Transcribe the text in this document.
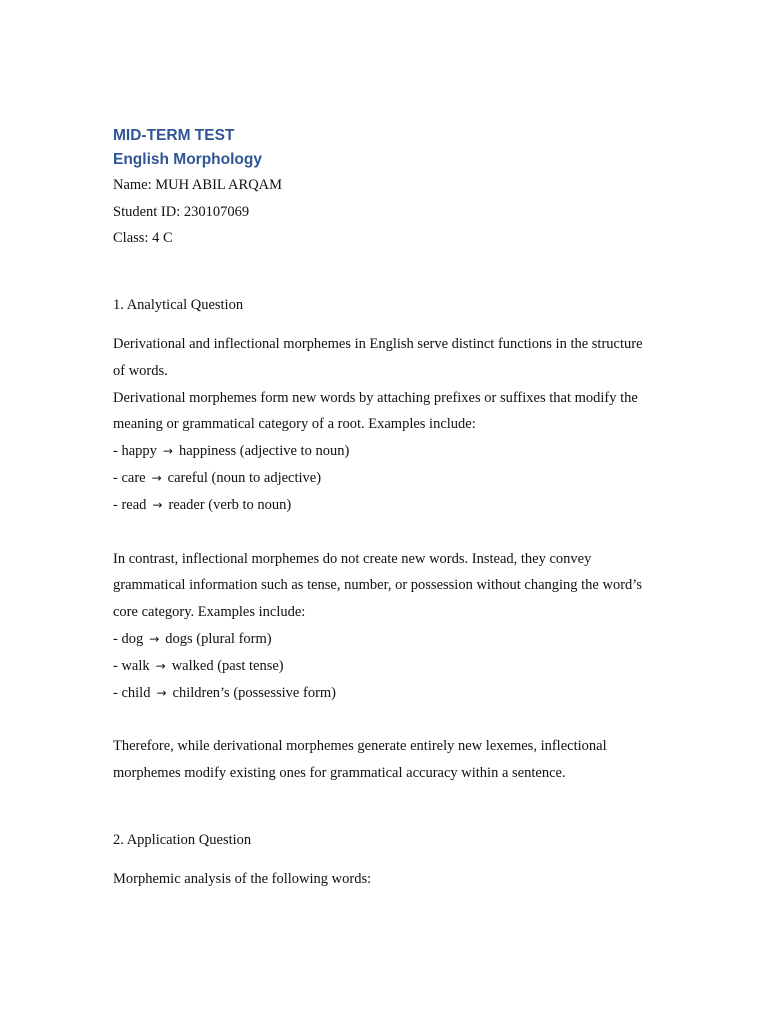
MID-TERM TEST
English Morphology

Name: MUH ABIL ARQAM

Student ID: 230107069

Class: 4 C

1. Analytical Question

Derivational and inflectional morphemes in English serve distinct functions in the structure of words.

Derivational morphemes form new words by attaching prefixes or suffixes that modify the meaning or grammatical category of a root. Examples include:

- happy → happiness (adjective to noun)
- care → careful (noun to adjective)
- read → reader (verb to noun)

In contrast, inflectional morphemes do not create new words. Instead, they convey grammatical information such as tense, number, or possession without changing the word’s core category. Examples include:

- dog → dogs (plural form)
- walk → walked (past tense)
- child → children’s (possessive form)

Therefore, while derivational morphemes generate entirely new lexemes, inflectional morphemes modify existing ones for grammatical accuracy within a sentence.

2. Application Question

Morphemic analysis of the following words:
